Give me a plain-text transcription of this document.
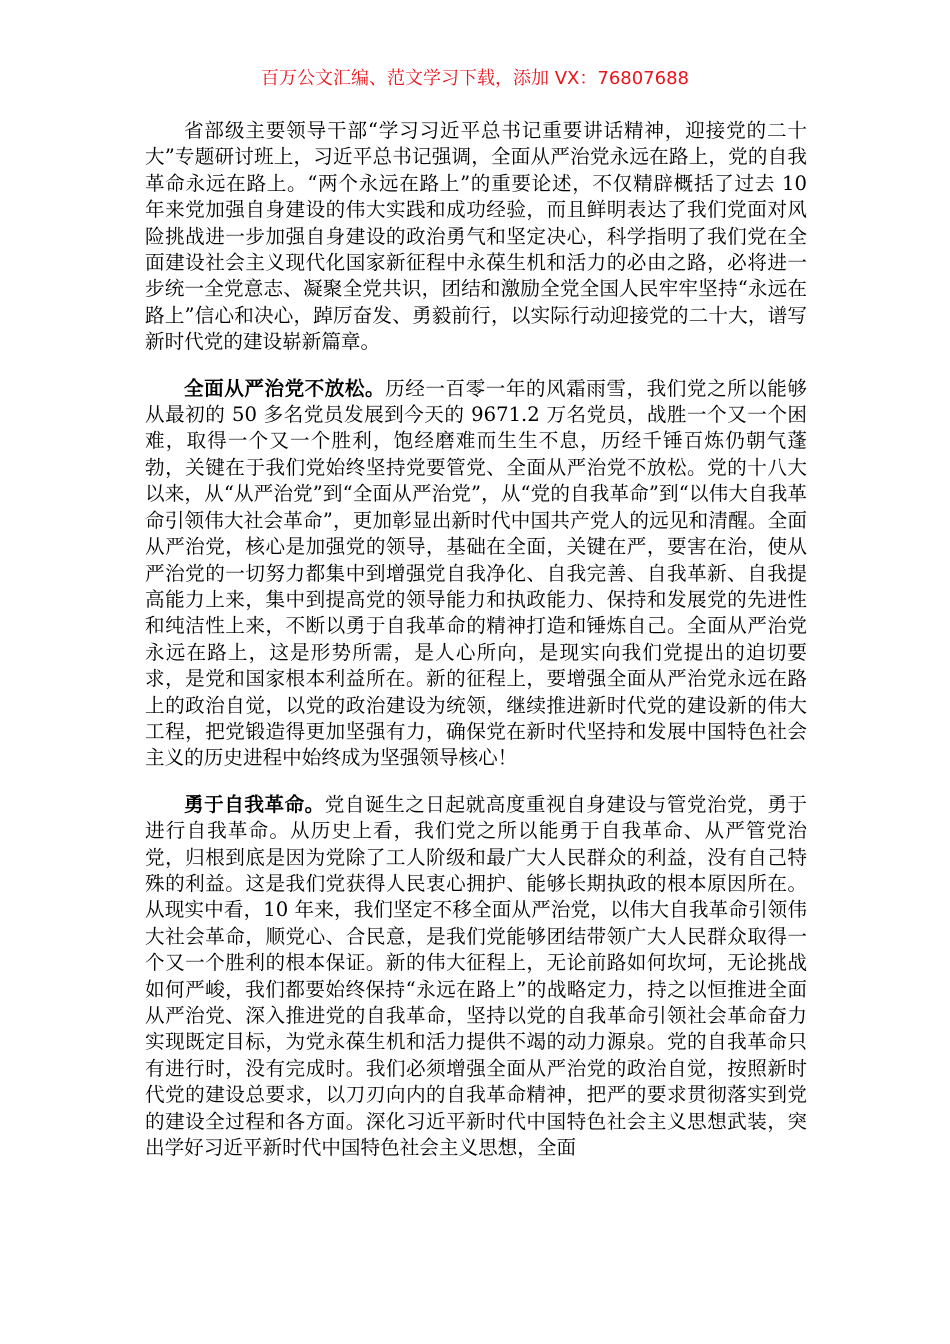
百万公文汇编、范文学习下载，添加 VX：76807688

省部级主要领导干部“学习习近平总书记重要讲话精神，迎接党的二十大”专题研讨班上，习近平总书记强调，全面从严治党永远在路上，党的自我革命永远在路上。“两个永远在路上”的重要论述，不仅精辟概括了过去 10 年来党加强自身建设的伟大实践和成功经验，而且鲜明表达了我们党面对风险挑战进一步加强自身建设的政治勇气和坚定决心，科学指明了我们党在全面建设社会主义现代化国家新征程中永葆生机和活力的必由之路，必将进一步统一全党意志、凝聚全党共识，团结和激励全党全国人民牢牢坚持“永远在路上”信心和决心，踔厉奋发、勇毅前行，以实际行动迎接党的二十大，谱写新时代党的建设崭新篇章。

全面从严治党不放松。历经一百零一年的风霜雨雪，我们党之所以能够从最初的 50 多名党员发展到今天的 9671.2 万名党员，战胜一个又一个困难，取得一个又一个胜利，饱经磨难而生生不息，历经千锤百炼仍朝气蓬勃，关键在于我们党始终坚持党要管党、全面从严治党不放松。党的十八大以来，从“从严治党”到“全面从严治党”，从“党的自我革命”到“以伟大自我革命引领伟大社会革命”，更加彰显出新时代中国共产党人的远见和清醒。全面从严治党，核心是加强党的领导，基础在全面，关键在严，要害在治，使从严治党的一切努力都集中到增强党自我净化、自我完善、自我革新、自我提高能力上来，集中到提高党的领导能力和执政能力、保持和发展党的先进性和纯洁性上来，不断以勇于自我革命的精神打造和锤炼自己。全面从严治党永远在路上，这是形势所需，是人心所向，是现实向我们党提出的迫切要求，是党和国家根本利益所在。新的征程上，要增强全面从严治党永远在路上的政治自觉，以党的政治建设为统领，继续推进新时代党的建设新的伟大工程，把党锻造得更加坚强有力，确保党在新时代坚持和发展中国特色社会主义的历史进程中始终成为坚强领导核心！

勇于自我革命。党自诞生之日起就高度重视自身建设与管党治党，勇于进行自我革命。从历史上看，我们党之所以能勇于自我革命、从严管党治党，归根到底是因为党除了工人阶级和最广大人民群众的利益，没有自己特殊的利益。这是我们党获得人民衷心拥护、能够长期执政的根本原因所在。从现实中看，10 年来，我们坚定不移全面从严治党，以伟大自我革命引领伟大社会革命，顺党心、合民意，是我们党能够团结带领广大人民群众取得一个又一个胜利的根本保证。新的伟大征程上，无论前路如何坎坷，无论挑战如何严峻，我们都要始终保持“永远在路上”的战略定力，持之以恒推进全面从严治党、深入推进党的自我革命，坚持以党的自我革命引领社会革命奋力实现既定目标，为党永葆生机和活力提供不竭的动力源泉。党的自我革命只有进行时，没有完成时。我们必须增强全面从严治党的政治自觉，按照新时代党的建设总要求，以刀刃向内的自我革命精神，把严的要求贯彻落实到党的建设全过程和各方面。深化习近平新时代中国特色社会主义思想武装，突出学好习近平新时代中国特色社会主义思想，全面
